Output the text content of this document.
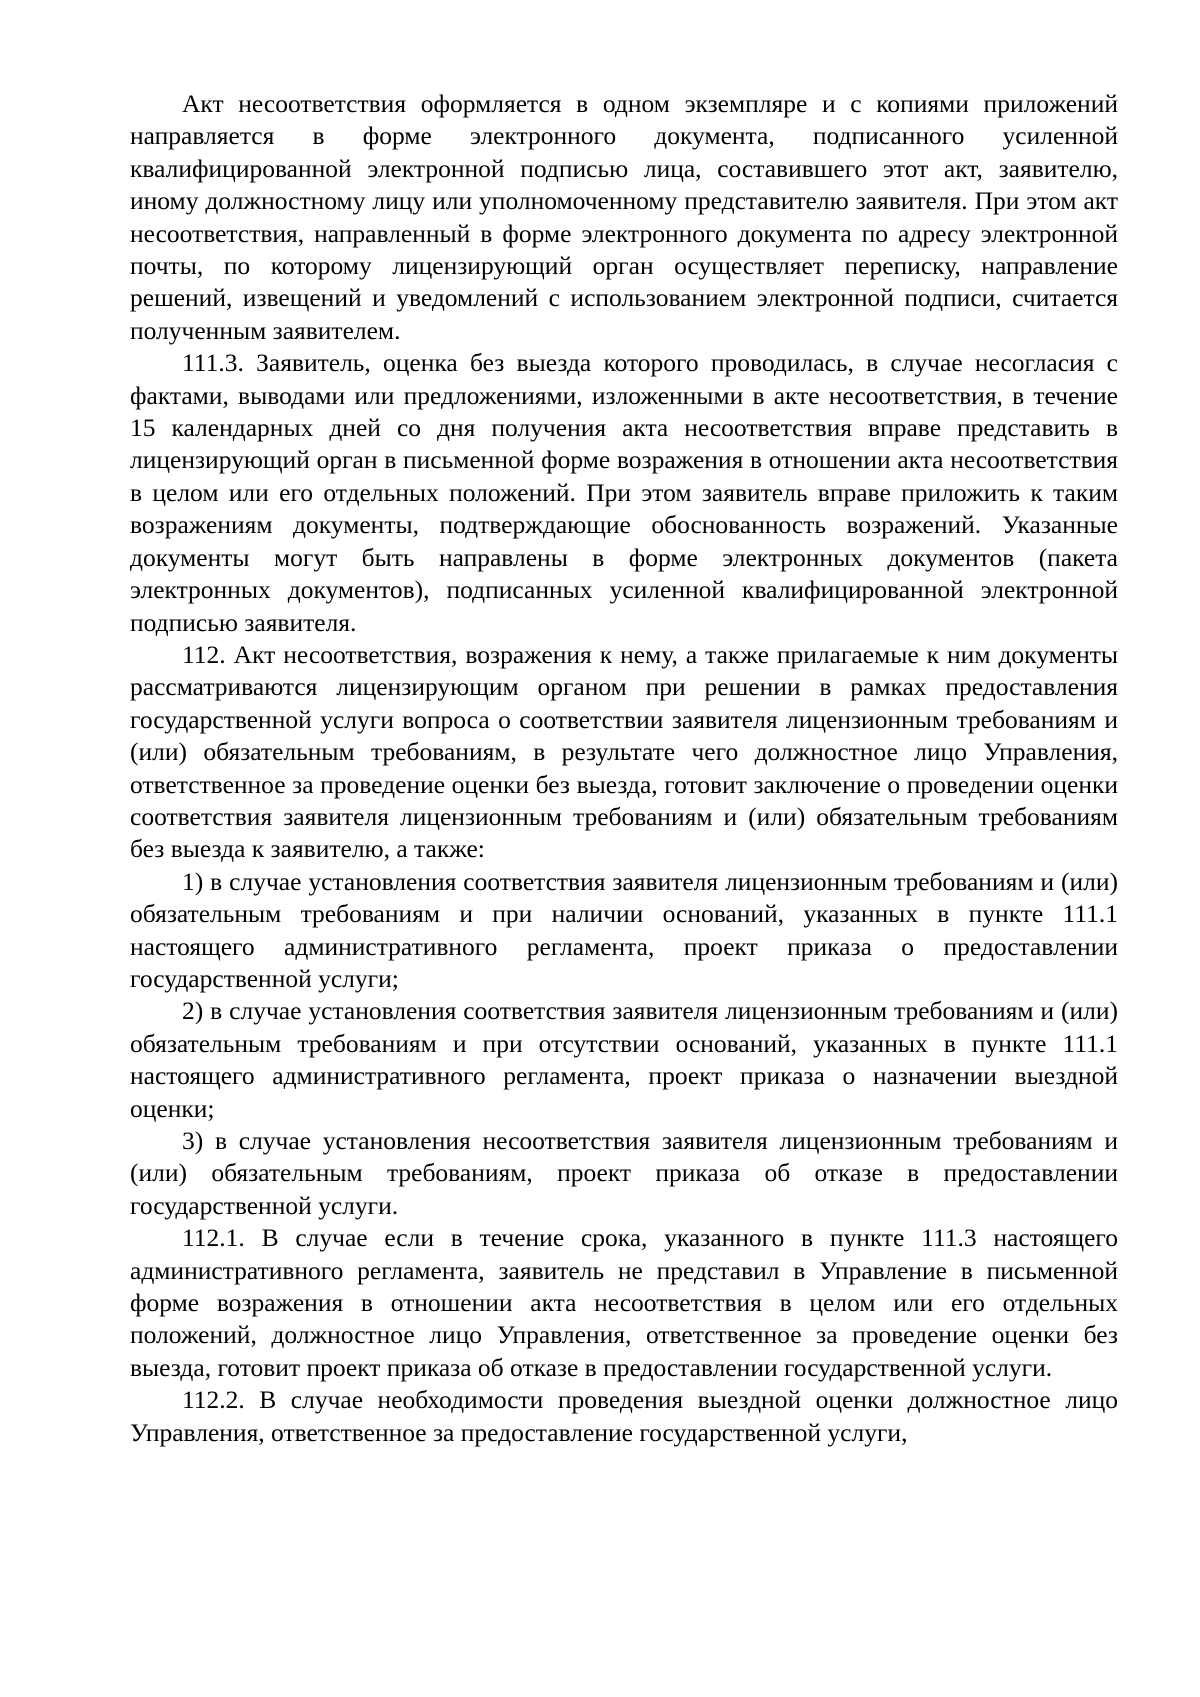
Акт несоответствия оформляется в одном экземпляре и с копиями приложений направляется в форме электронного документа, подписанного усиленной квалифицированной электронной подписью лица, составившего этот акт, заявителю, иному должностному лицу или уполномоченному представителю заявителя. При этом акт несоответствия, направленный в форме электронного документа по адресу электронной почты, по которому лицензирующий орган осуществляет переписку, направление решений, извещений и уведомлений с использованием электронной подписи, считается полученным заявителем.

111.3. Заявитель, оценка без выезда которого проводилась, в случае несогласия с фактами, выводами или предложениями, изложенными в акте несоответствия, в течение 15 календарных дней со дня получения акта несоответствия вправе представить в лицензирующий орган в письменной форме возражения в отношении акта несоответствия в целом или его отдельных положений. При этом заявитель вправе приложить к таким возражениям документы, подтверждающие обоснованность возражений. Указанные документы могут быть направлены в форме электронных документов (пакета электронных документов), подписанных усиленной квалифицированной электронной подписью заявителя.

112. Акт несоответствия, возражения к нему, а также прилагаемые к ним документы рассматриваются лицензирующим органом при решении в рамках предоставления государственной услуги вопроса о соответствии заявителя лицензионным требованиям и (или) обязательным требованиям, в результате чего должностное лицо Управления, ответственное за проведение оценки без выезда, готовит заключение о проведении оценки соответствия заявителя лицензионным требованиям и (или) обязательным требованиям без выезда к заявителю, а также:

1) в случае установления соответствия заявителя лицензионным требованиям и (или) обязательным требованиям и при наличии оснований, указанных в пункте 111.1 настоящего административного регламента, проект приказа о предоставлении государственной услуги;

2) в случае установления соответствия заявителя лицензионным требованиям и (или) обязательным требованиям и при отсутствии оснований, указанных в пункте 111.1 настоящего административного регламента, проект приказа о назначении выездной оценки;

3) в случае установления несоответствия заявителя лицензионным требованиям и (или) обязательным требованиям, проект приказа об отказе в предоставлении государственной услуги.

112.1. В случае если в течение срока, указанного в пункте 111.3 настоящего административного регламента, заявитель не представил в Управление в письменной форме возражения в отношении акта несоответствия в целом или его отдельных положений, должностное лицо Управления, ответственное за проведение оценки без выезда, готовит проект приказа об отказе в предоставлении государственной услуги.

112.2. В случае необходимости проведения выездной оценки должностное лицо Управления, ответственное за предоставление государственной услуги,
